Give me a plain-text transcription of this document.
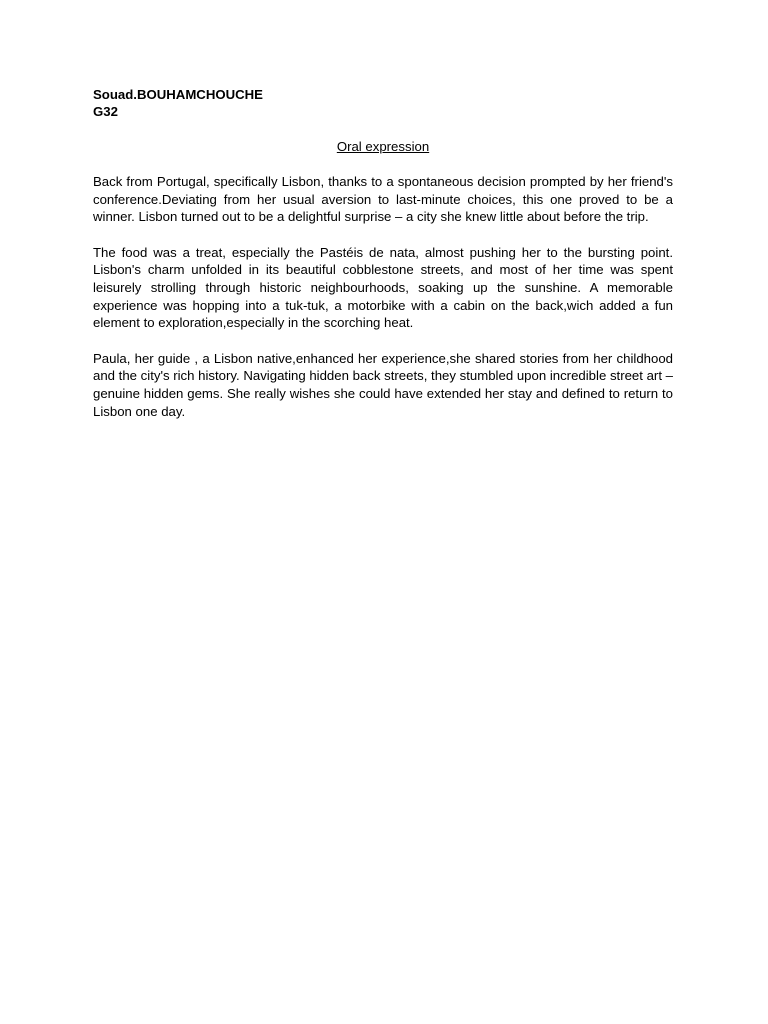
Souad.BOUHAMCHOUCHE
G32
Oral expression

Back from Portugal, specifically Lisbon, thanks to a spontaneous decision prompted by her friend's conference.Deviating from her usual aversion to last-minute choices, this one proved to be a winner. Lisbon turned out to be a delightful surprise – a city she knew little about before the trip.

The food was a treat, especially the Pastéis de nata, almost pushing her to the bursting point. Lisbon's charm unfolded in its beautiful cobblestone streets, and most of her time was spent leisurely strolling through historic neighbourhoods, soaking up the sunshine. A memorable experience was hopping into a tuk-tuk, a motorbike with a cabin on the back,wich added a fun element to exploration,especially in the scorching heat.

Paula, her guide , a Lisbon native,enhanced her experience,she shared stories from her childhood and the city's rich history. Navigating hidden back streets, they stumbled upon incredible street art – genuine hidden gems. She really wishes she could have extended her stay and defined to return to Lisbon one day.
